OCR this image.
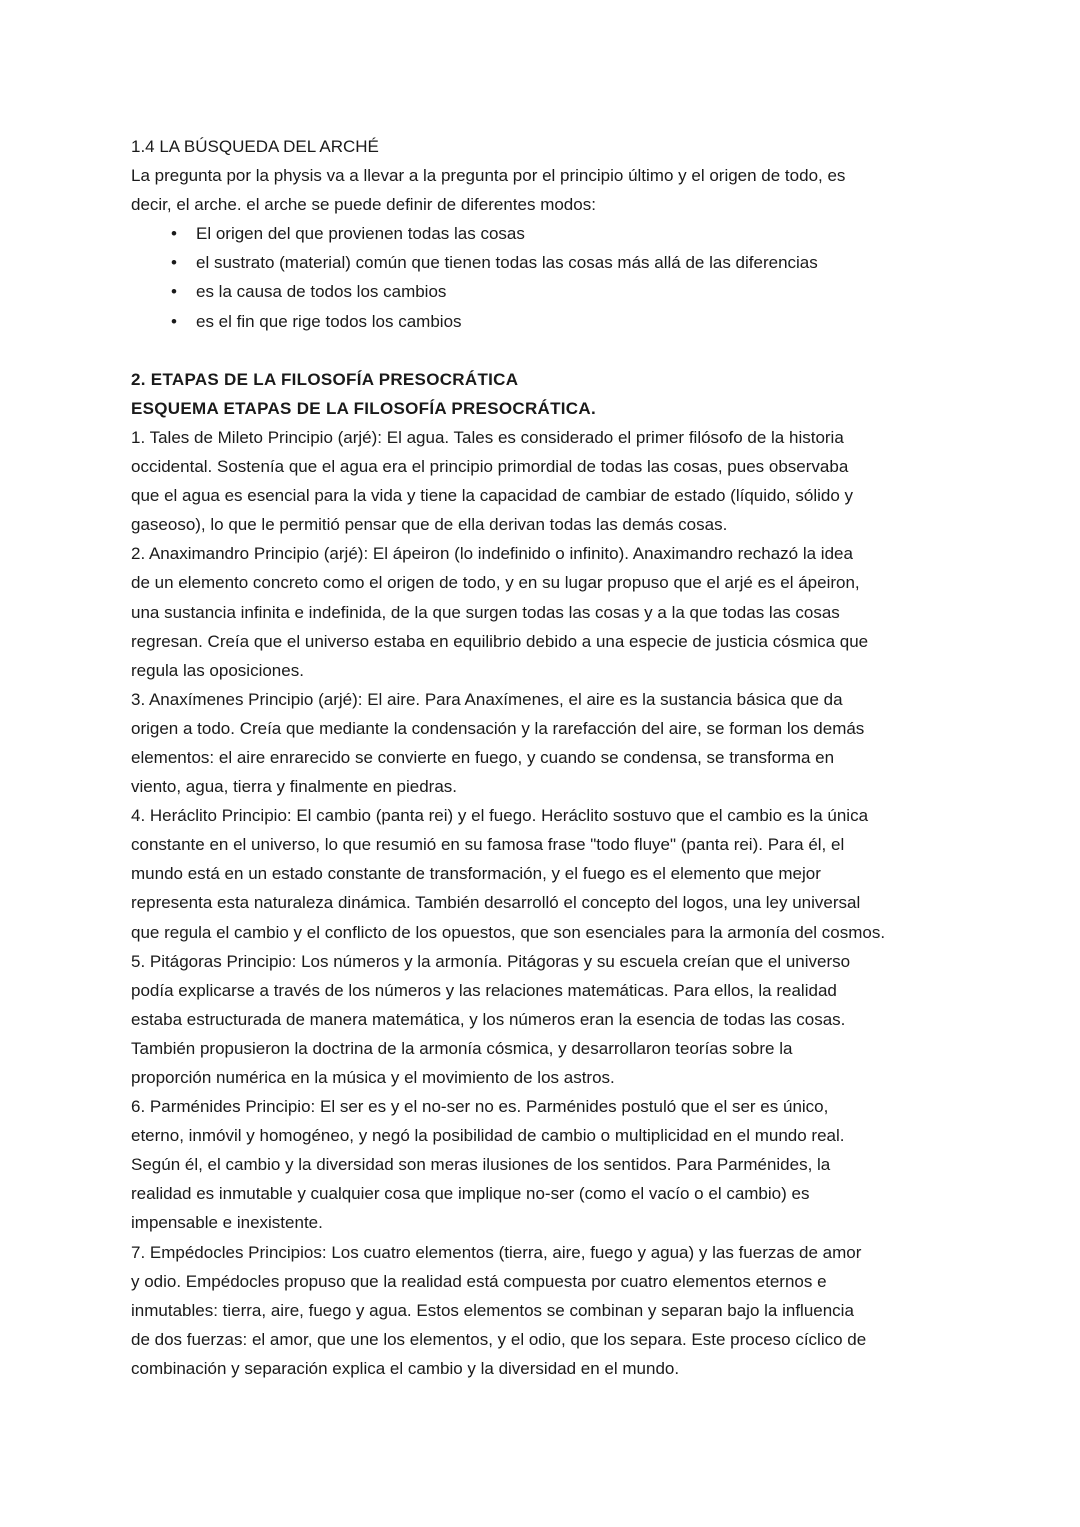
1.4 LA BÚSQUEDA DEL ARCHÉ
La pregunta por la physis va a llevar a la pregunta por el principio último y el origen de todo, es
decir, el arche. el arche se puede definir de diferentes modos:
• El origen del que provienen todas las cosas
• el sustrato (material) común que tienen todas las cosas más allá de las diferencias
• es la causa de todos los cambios
• es el fin que rige todos los cambios
2. ETAPAS DE LA FILOSOFÍA PRESOCRÁTICA
ESQUEMA ETAPAS DE LA FILOSOFÍA PRESOCRÁTICA.
1. Tales de Mileto Principio (arjé): El agua. Tales es considerado el primer filósofo de la historia
occidental. Sostenía que el agua era el principio primordial de todas las cosas, pues observaba
que el agua es esencial para la vida y tiene la capacidad de cambiar de estado (líquido, sólido y
gaseoso), lo que le permitió pensar que de ella derivan todas las demás cosas.
2. Anaximandro Principio (arjé): El ápeiron (lo indefinido o infinito). Anaximandro rechazó la idea
de un elemento concreto como el origen de todo, y en su lugar propuso que el arjé es el ápeiron,
una sustancia infinita e indefinida, de la que surgen todas las cosas y a la que todas las cosas
regresan. Creía que el universo estaba en equilibrio debido a una especie de justicia cósmica que
regula las oposiciones.
3. Anaxímenes Principio (arjé): El aire. Para Anaxímenes, el aire es la sustancia básica que da
origen a todo. Creía que mediante la condensación y la rarefacción del aire, se forman los demás
elementos: el aire enrarecido se convierte en fuego, y cuando se condensa, se transforma en
viento, agua, tierra y finalmente en piedras.
4. Heráclito Principio: El cambio (panta rei) y el fuego. Heráclito sostuvo que el cambio es la única
constante en el universo, lo que resumió en su famosa frase "todo fluye" (panta rei). Para él, el
mundo está en un estado constante de transformación, y el fuego es el elemento que mejor
representa esta naturaleza dinámica. También desarrolló el concepto del logos, una ley universal
que regula el cambio y el conflicto de los opuestos, que son esenciales para la armonía del cosmos.
5. Pitágoras Principio: Los números y la armonía. Pitágoras y su escuela creían que el universo
podía explicarse a través de los números y las relaciones matemáticas. Para ellos, la realidad
estaba estructurada de manera matemática, y los números eran la esencia de todas las cosas.
También propusieron la doctrina de la armonía cósmica, y desarrollaron teorías sobre la
proporción numérica en la música y el movimiento de los astros.
6. Parménides Principio: El ser es y el no-ser no es. Parménides postuló que el ser es único,
eterno, inmóvil y homogéneo, y negó la posibilidad de cambio o multiplicidad en el mundo real.
Según él, el cambio y la diversidad son meras ilusiones de los sentidos. Para Parménides, la
realidad es inmutable y cualquier cosa que implique no-ser (como el vacío o el cambio) es
impensable e inexistente.
7. Empédocles Principios: Los cuatro elementos (tierra, aire, fuego y agua) y las fuerzas de amor
y odio. Empédocles propuso que la realidad está compuesta por cuatro elementos eternos e
inmutables: tierra, aire, fuego y agua. Estos elementos se combinan y separan bajo la influencia
de dos fuerzas: el amor, que une los elementos, y el odio, que los separa. Este proceso cíclico de
combinación y separación explica el cambio y la diversidad en el mundo.
